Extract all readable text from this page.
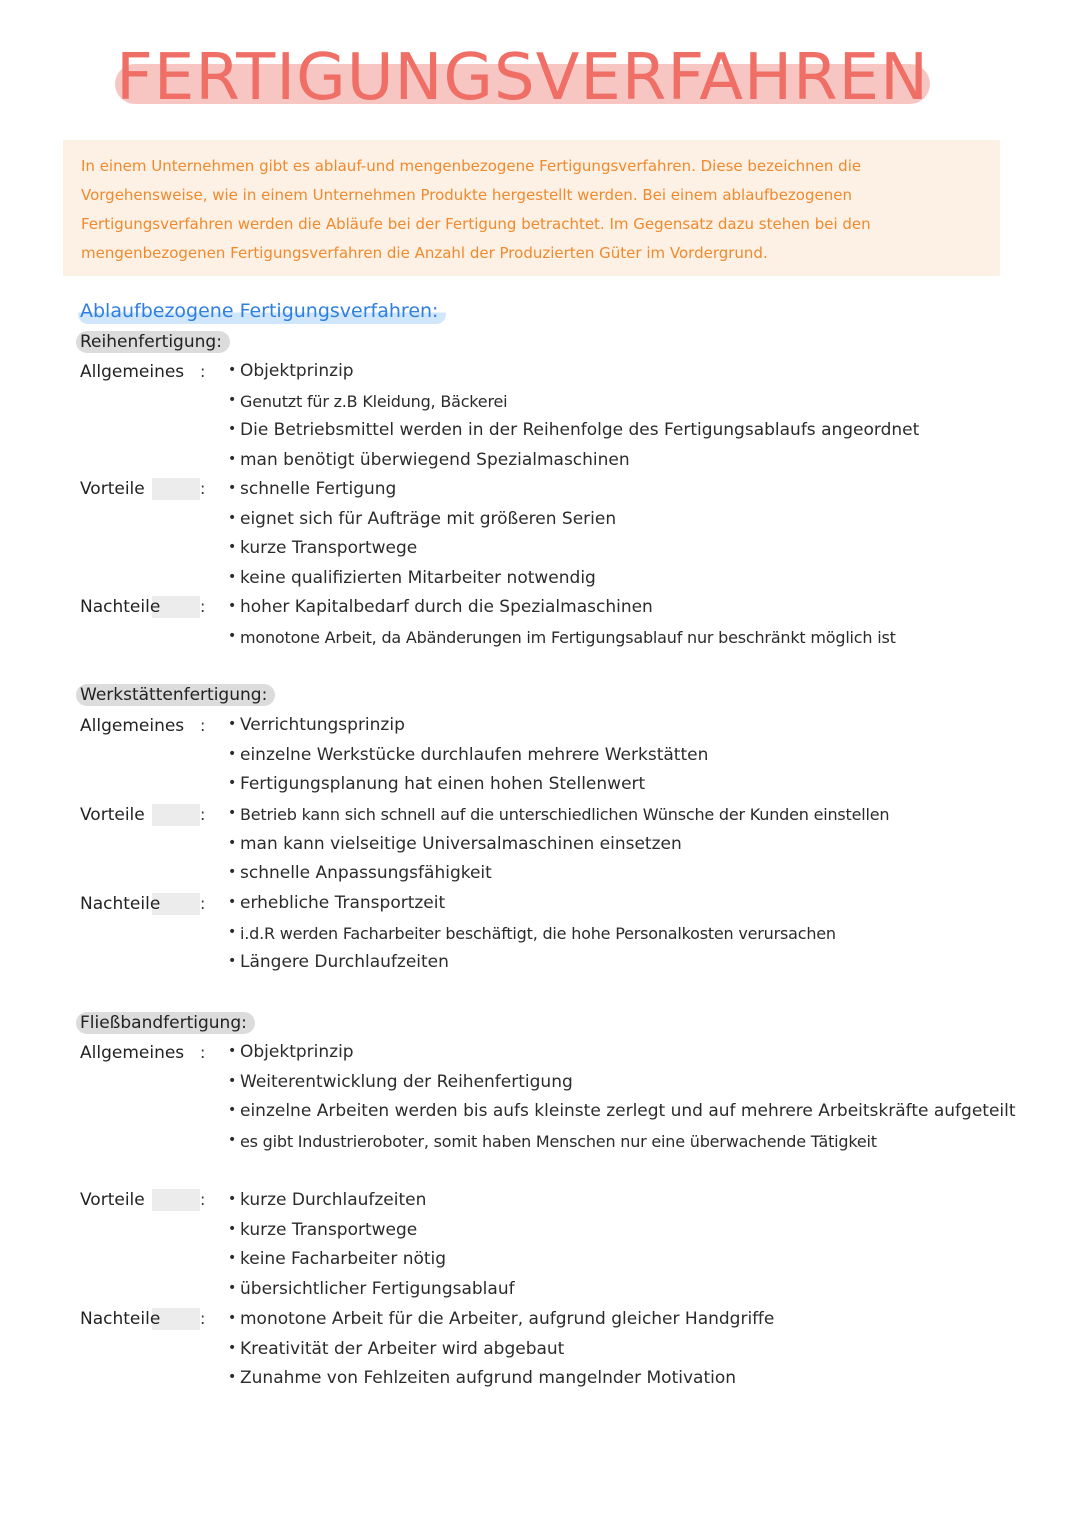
FERTIGUNGSVERFAHREN
In einem Unternehmen gibt es ablauf-und mengenbezogene Fertigungsverfahren. Diese bezeichnen die Vorgehensweise, wie in einem Unternehmen Produkte hergestellt werden. Bei einem ablaufbezogenen Fertigungsverfahren werden die Abläufe bei der Fertigung betrachtet. Im Gegensatz dazu stehen bei den mengenbezogenen Fertigungsverfahren die Anzahl der Produzierten Güter im Vordergrund.
Ablaufbezogene Fertigungsverfahren:
Reihenfertigung:
Allgemeines :	• Objektprinzip
• Genutzt für z.B Kleidung, Bäckerei
• Die Betriebsmittel werden in der Reihenfolge des Fertigungsablaufs angeordnet
• man benötigt überwiegend Spezialmaschinen
Vorteile	:	• schnelle Fertigung
• eignet sich für Aufträge mit größeren Serien
• kurze Transportwege
• keine qualifizierten Mitarbeiter notwendig
Nachteile	:	• hoher Kapitalbedarf durch die Spezialmaschinen
• monotone Arbeit, da Abänderungen im Fertigungsablauf nur beschränkt möglich ist
Werkstättenfertigung:
Allgemeines :	• Verrichtungsprinzip
• einzelne Werkstücke durchlaufen mehrere Werkstätten
• Fertigungsplanung hat einen hohen Stellenwert
Vorteile	:	• Betrieb kann sich schnell auf die unterschiedlichen Wünsche der Kunden einstellen
• man kann vielseitige Universalmaschinen einsetzen
• schnelle Anpassungsfähigkeit
Nachteile	:	• erhebliche Transportzeit
• i.d.R werden Facharbeiter beschäftigt, die hohe Personalkosten verursachen
• Längere Durchlaufzeiten
Fließbandfertigung:
Allgemeines :	• Objektprinzip
• Weiterentwicklung der Reihenfertigung
• einzelne Arbeiten werden bis aufs kleinste zerlegt und auf mehrere Arbeitskräfte aufgeteilt
• es gibt Industrieroboter, somit haben Menschen nur eine überwachende Tätigkeit
Vorteile	:	• kurze Durchlaufzeiten
• kurze Transportwege
• keine Facharbeiter nötig
• übersichtlicher Fertigungsablauf
Nachteile	:	• monotone Arbeit für die Arbeiter, aufgrund gleicher Handgriffe
• Kreativität der Arbeiter wird abgebaut
• Zunahme von Fehlzeiten aufgrund mangelnder Motivation
